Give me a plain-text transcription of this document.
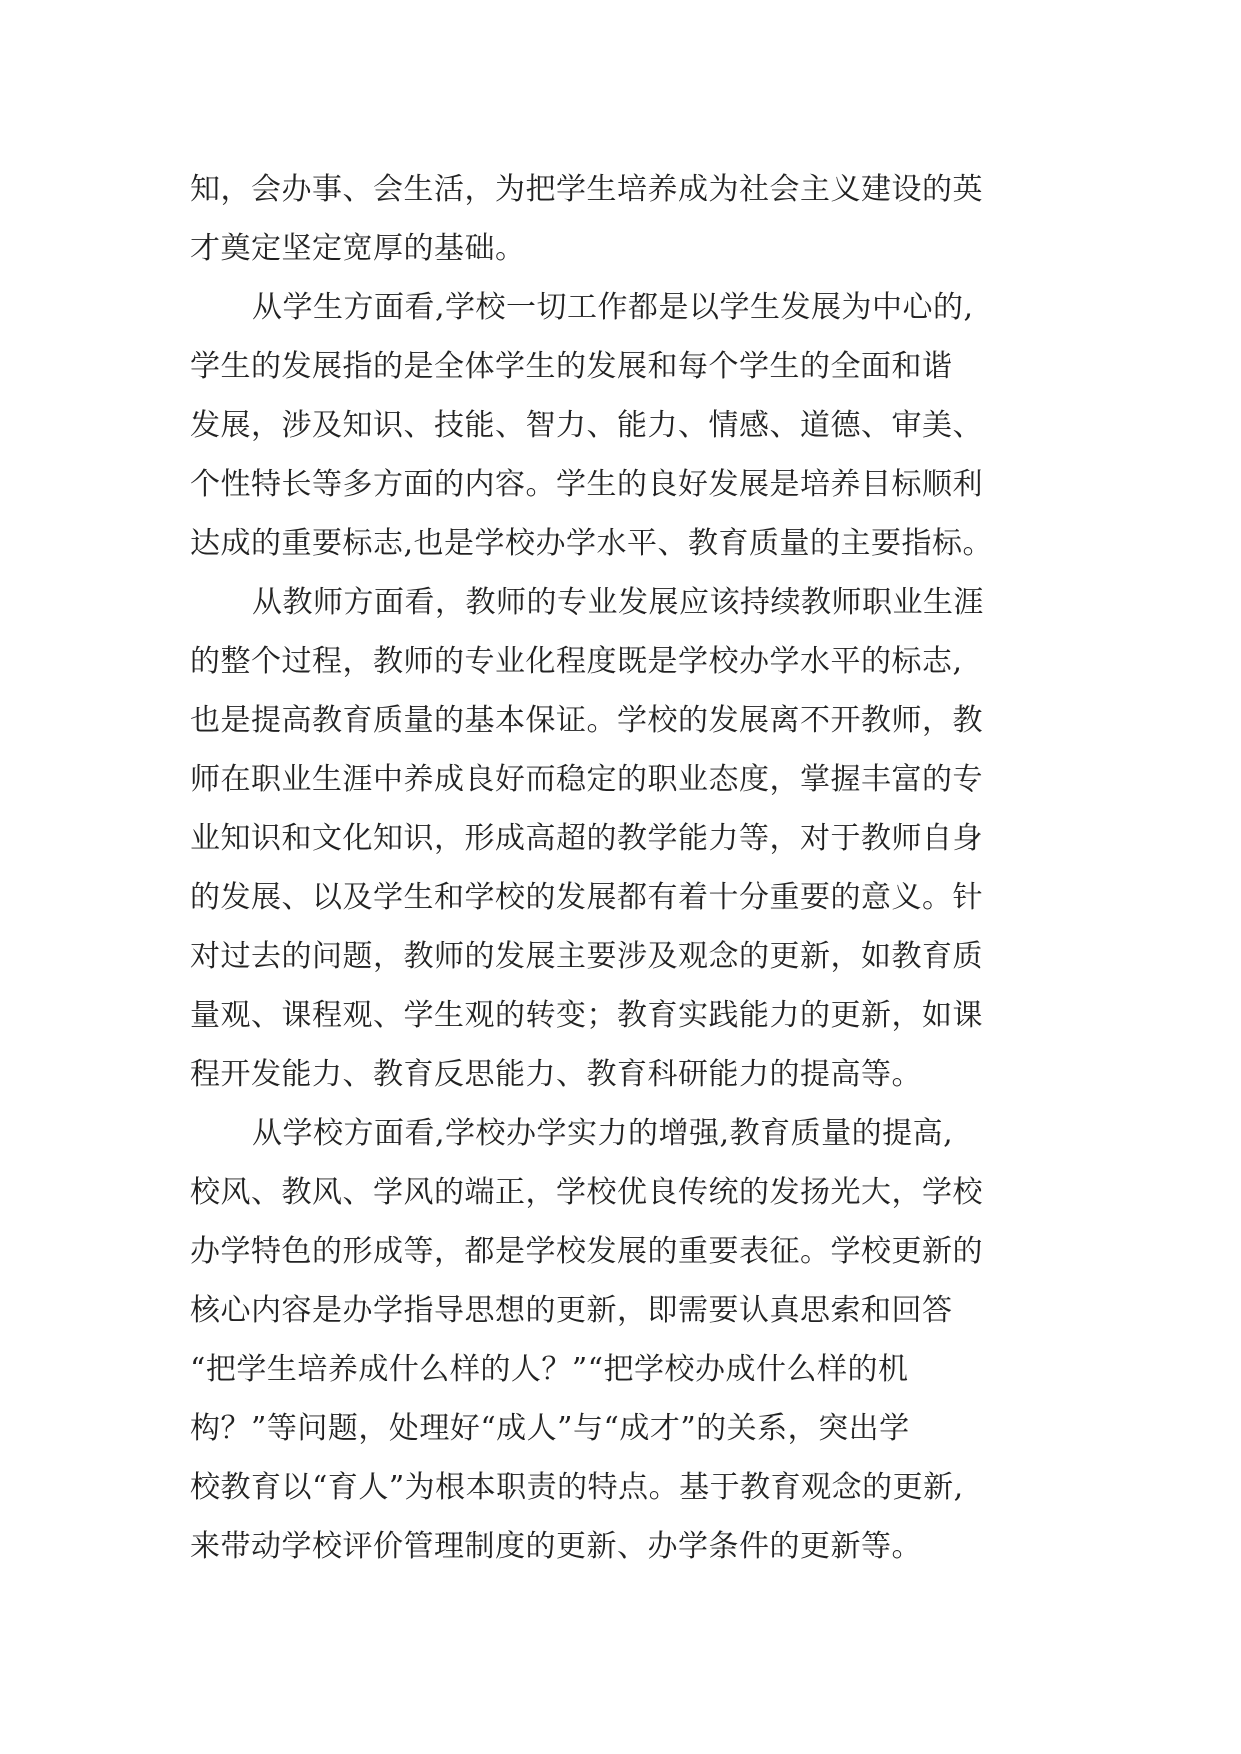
知，会办事、会生活，为把学生培养成为社会主义建设的英
才奠定坚定宽厚的基础。
从学生方面看,学校一切工作都是以学生发展为中心的,
学生的发展指的是全体学生的发展和每个学生的全面和谐
发展，涉及知识、技能、智力、能力、情感、道德、审美、
个性特长等多方面的内容。学生的良好发展是培养目标顺利
达成的重要标志,也是学校办学水平、教育质量的主要指标。
从教师方面看，教师的专业发展应该持续教师职业生涯
的整个过程，教师的专业化程度既是学校办学水平的标志,
也是提高教育质量的基本保证。学校的发展离不开教师，教
师在职业生涯中养成良好而稳定的职业态度，掌握丰富的专
业知识和文化知识，形成高超的教学能力等，对于教师自身
的发展、以及学生和学校的发展都有着十分重要的意义。针
对过去的问题，教师的发展主要涉及观念的更新，如教育质
量观、课程观、学生观的转变；教育实践能力的更新，如课
程开发能力、教育反思能力、教育科研能力的提高等。
从学校方面看,学校办学实力的增强,教育质量的提高,
校风、教风、学风的端正，学校优良传统的发扬光大，学校
办学特色的形成等，都是学校发展的重要表征。学校更新的
核心内容是办学指导思想的更新，即需要认真思索和回答
“把学生培养成什么样的人？”“把学校办成什么样的机
构？”等问题，处理好“成人”与“成才”的关系，突出学
校教育以“育人”为根本职责的特点。基于教育观念的更新,
来带动学校评价管理制度的更新、办学条件的更新等。
